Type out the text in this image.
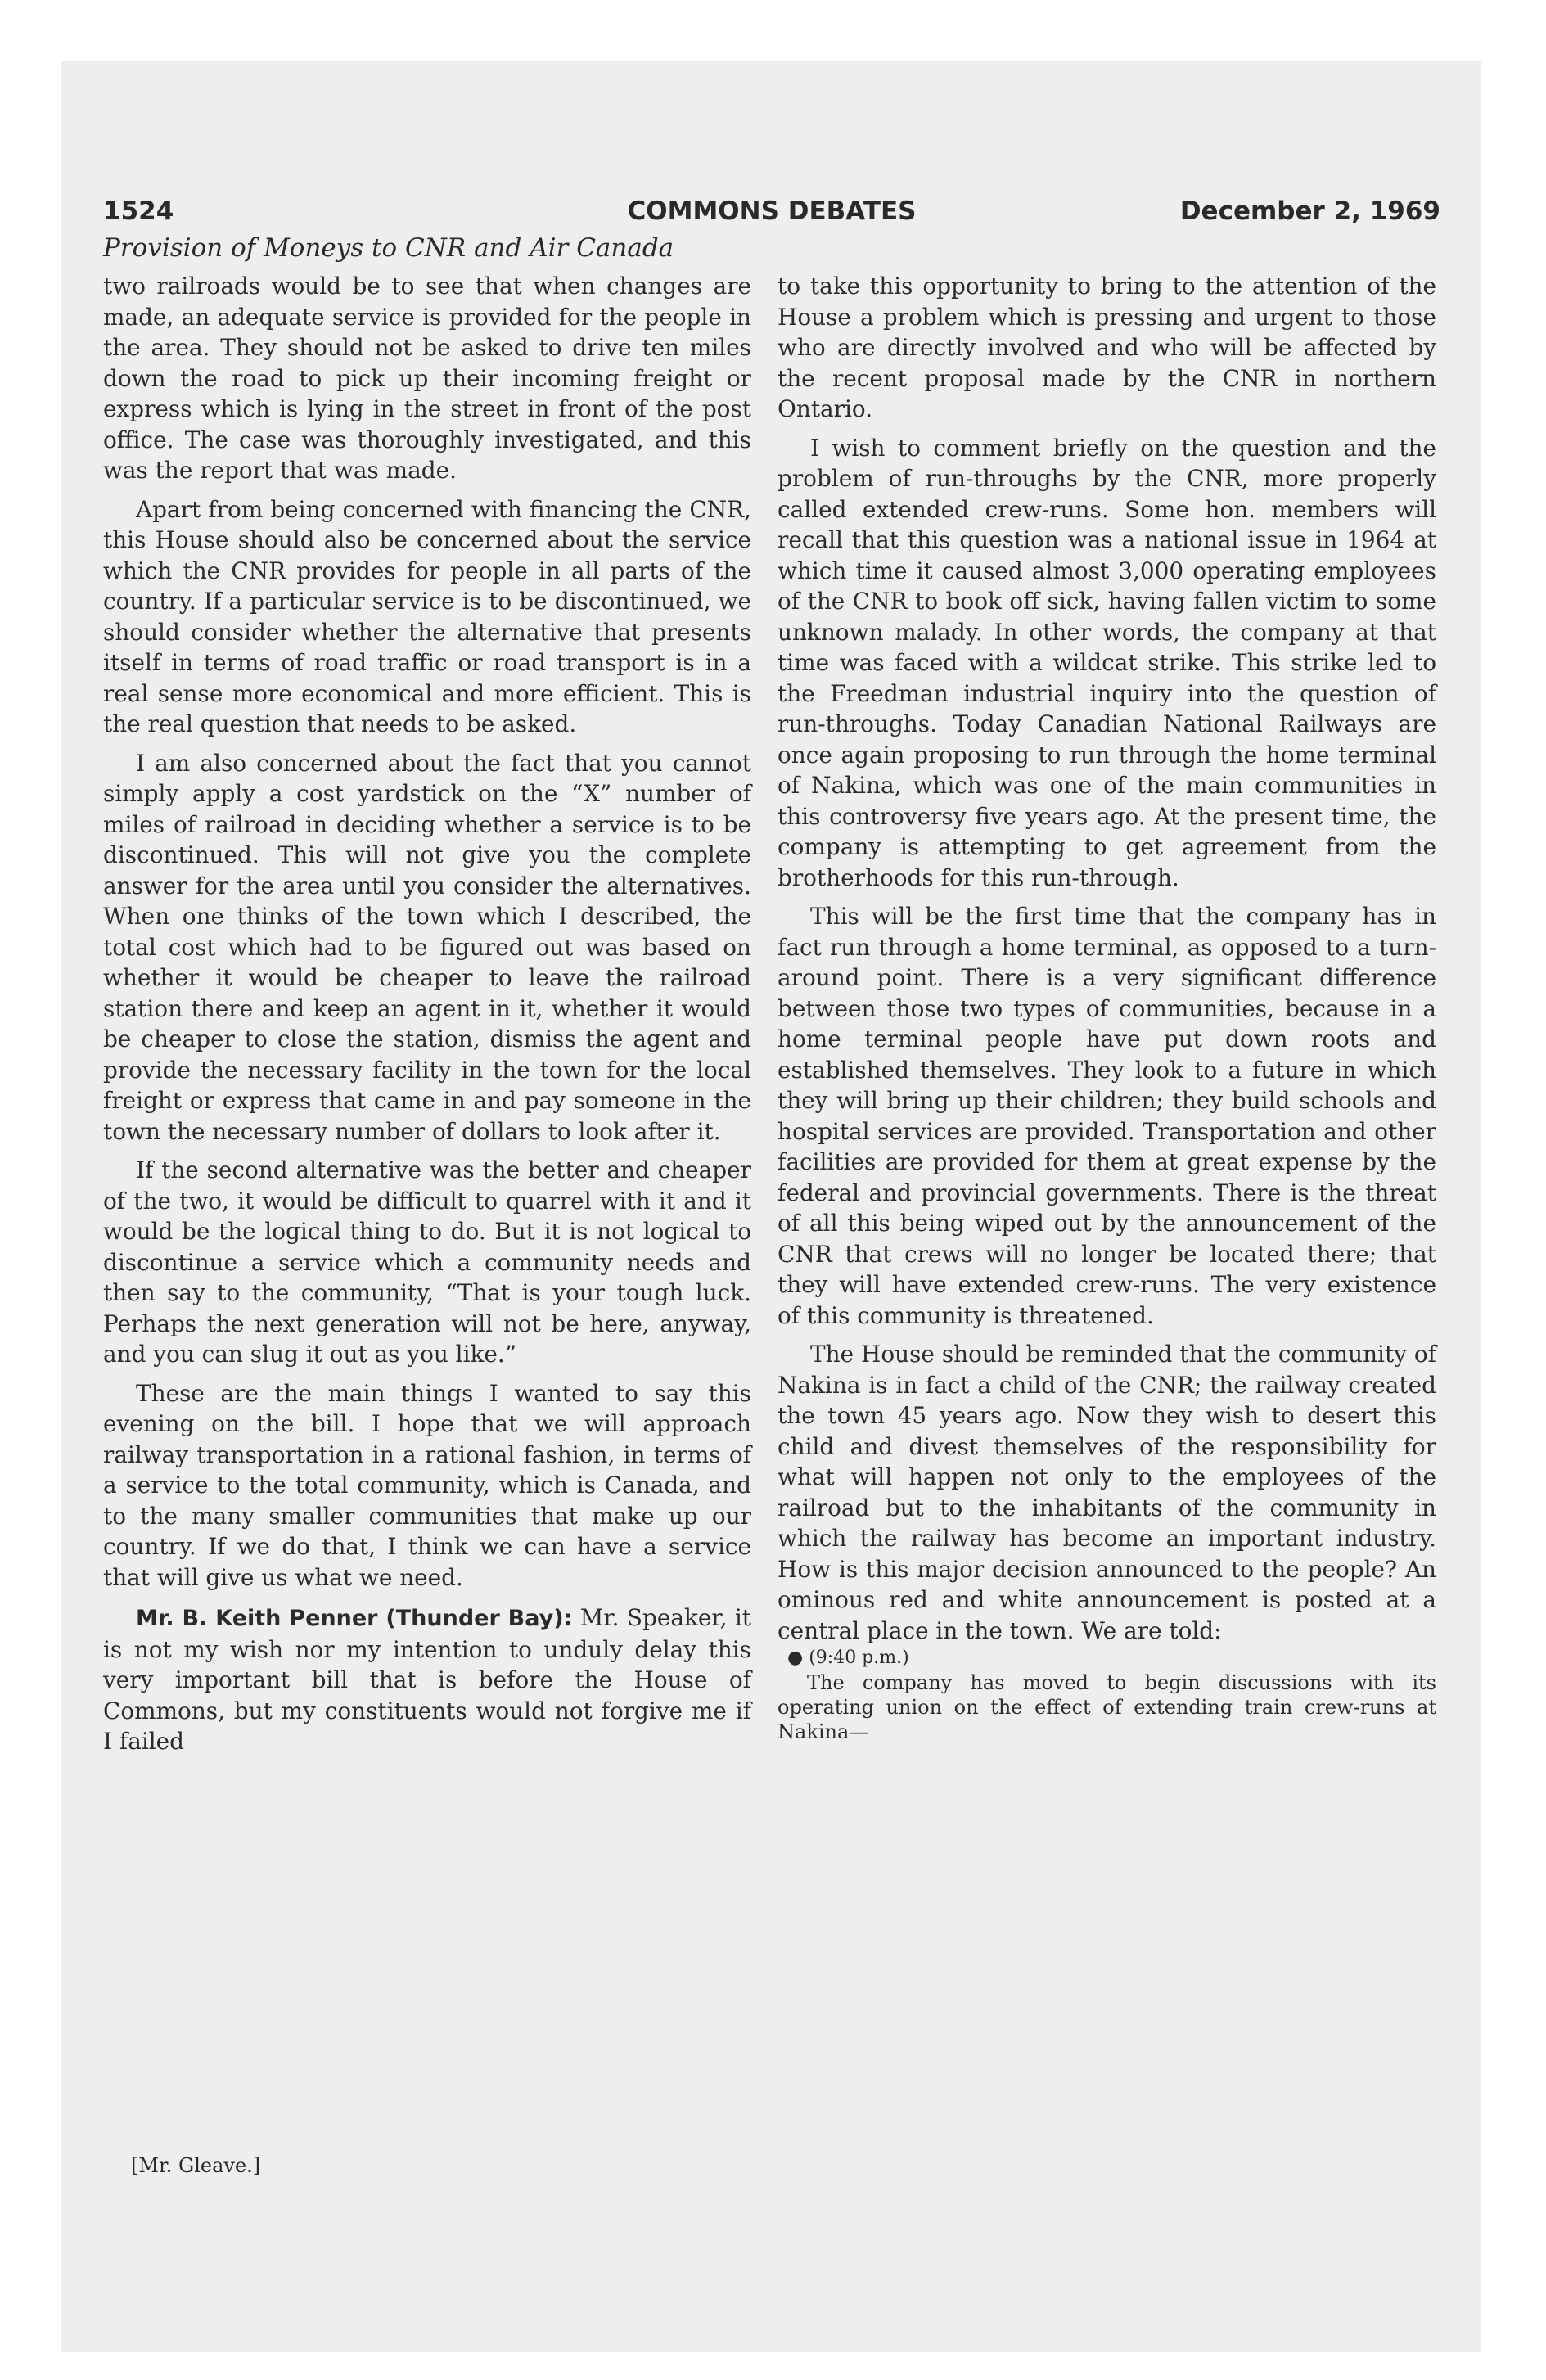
1524	COMMONS DEBATES	December 2, 1969
Provision of Moneys to CNR and Air Canada

two railroads would be to see that when changes are made, an adequate service is provided for the people in the area. They should not be asked to drive ten miles down the road to pick up their incoming freight or express which is lying in the street in front of the post office. The case was thoroughly investigated, and this was the report that was made.

Apart from being concerned with financing the CNR, this House should also be concerned about the service which the CNR provides for people in all parts of the country. If a particular service is to be discontinued, we should consider whether the alternative that presents itself in terms of road traffic or road transport is in a real sense more economical and more efficient. This is the real question that needs to be asked.

I am also concerned about the fact that you cannot simply apply a cost yardstick on the “X” number of miles of railroad in deciding whether a service is to be discontinued. This will not give you the complete answer for the area until you consider the alternatives. When one thinks of the town which I described, the total cost which had to be figured out was based on whether it would be cheaper to leave the railroad station there and keep an agent in it, whether it would be cheaper to close the station, dismiss the agent and provide the necessary facility in the town for the local freight or express that came in and pay someone in the town the necessary number of dollars to look after it.

If the second alternative was the better and cheaper of the two, it would be difficult to quarrel with it and it would be the logical thing to do. But it is not logical to discontinue a service which a community needs and then say to the community, “That is your tough luck. Perhaps the next generation will not be here, anyway, and you can slug it out as you like.”

These are the main things I wanted to say this evening on the bill. I hope that we will approach railway transportation in a rational fashion, in terms of a service to the total community, which is Canada, and to the many smaller communities that make up our country. If we do that, I think we can have a service that will give us what we need.

Mr. B. Keith Penner (Thunder Bay): Mr. Speaker, it is not my wish nor my intention to unduly delay this very important bill that is before the House of Commons, but my constituents would not forgive me if I failed

[Mr. Gleave.]

to take this opportunity to bring to the attention of the House a problem which is pressing and urgent to those who are directly involved and who will be affected by the recent proposal made by the CNR in northern Ontario.

I wish to comment briefly on the question and the problem of run-throughs by the CNR, more properly called extended crew-runs. Some hon. members will recall that this question was a national issue in 1964 at which time it caused almost 3,000 operating employees of the CNR to book off sick, having fallen victim to some unknown malady. In other words, the company at that time was faced with a wildcat strike. This strike led to the Freedman industrial inquiry into the question of run-throughs. Today Canadian National Railways are once again proposing to run through the home terminal of Nakina, which was one of the main communities in this controversy five years ago. At the present time, the company is attempting to get agreement from the brotherhoods for this run-through.

This will be the first time that the company has in fact run through a home terminal, as opposed to a turn-around point. There is a very significant difference between those two types of communities, because in a home terminal people have put down roots and established themselves. They look to a future in which they will bring up their children; they build schools and hospital services are provided. Transportation and other facilities are provided for them at great expense by the federal and provincial governments. There is the threat of all this being wiped out by the announcement of the CNR that crews will no longer be located there; that they will have extended crew-runs. The very existence of this community is threatened.

The House should be reminded that the community of Nakina is in fact a child of the CNR; the railway created the town 45 years ago. Now they wish to desert this child and divest themselves of the responsibility for what will happen not only to the employees of the railroad but to the inhabitants of the community in which the railway has become an important industry. How is this major decision announced to the people? An ominous red and white announcement is posted at a central place in the town. We are told:

● (9:40 p.m.)

The company has moved to begin discussions with its operating union on the effect of extending train crew-runs at Nakina—
